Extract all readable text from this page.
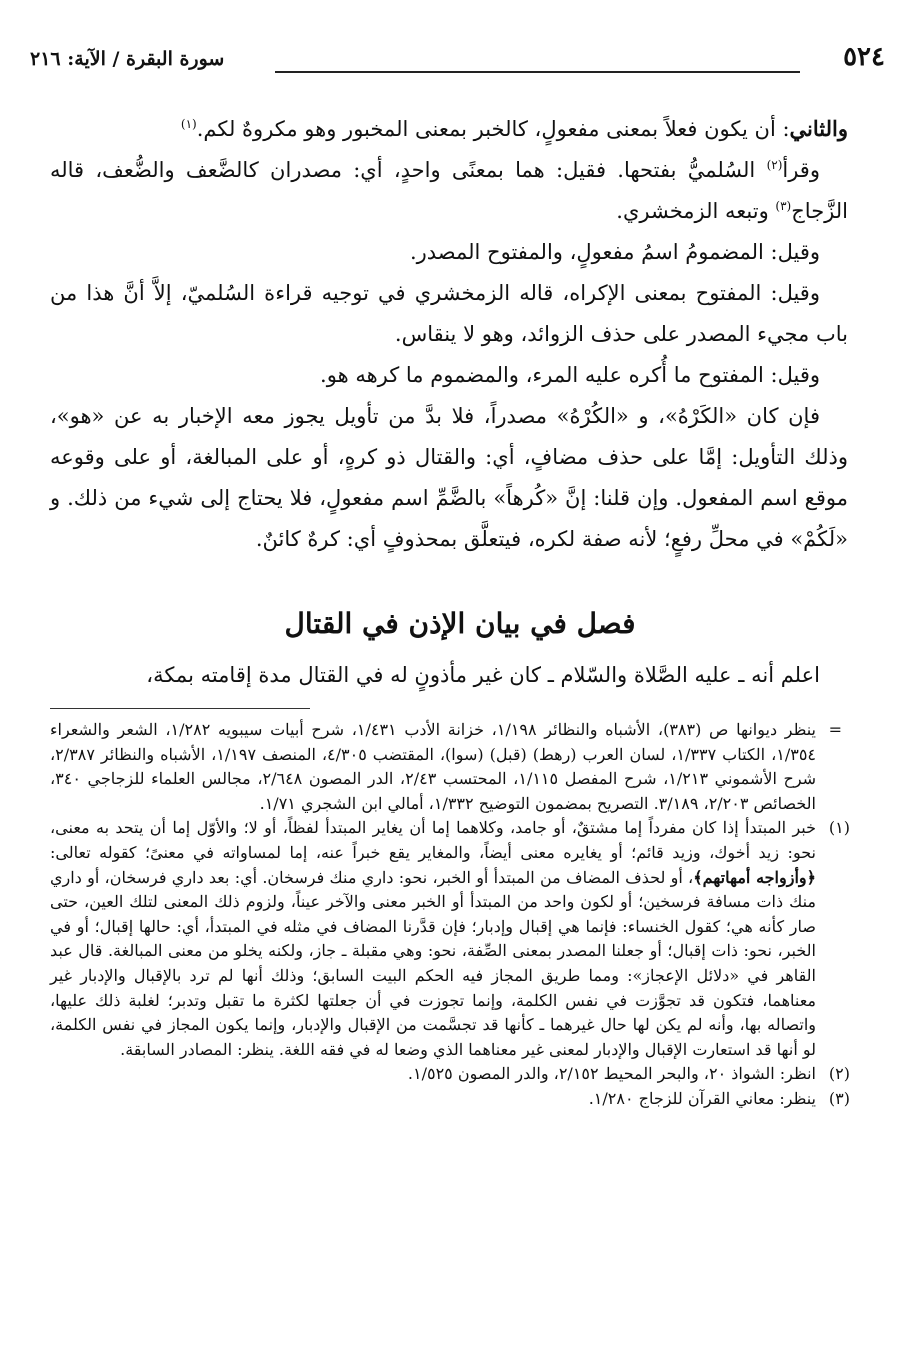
٥٢٤
سورة البقرة / الآية: ٢١٦

والثاني: أن يكون فعلاً بمعنى مفعولٍ، كالخبر بمعنى المخبور وهو مكروهٌ لكم.$^{(١)}$

وقرأ$^{(٢)}$ السُلميُّ بفتحها. فقيل: هما بمعنًى واحدٍ، أي: مصدران كالضَّعف والضُّعف، قاله الزَّجاج$^{(٣)}$ وتبعه الزمخشري.

وقيل: المضمومُ اسمُ مفعولٍ، والمفتوح المصدر.

وقيل: المفتوح بمعنى الإكراه، قاله الزمخشري في توجيه قراءة السُلميّ، إلاَّ أنَّ هذا من باب مجيء المصدر على حذف الزوائد، وهو لا ينقاس.

وقيل: المفتوح ما أُكره عليه المرء، والمضموم ما كرهه هو.

فإن كان «الكَرْهُ»، و «الكُرْهُ» مصدراً، فلا بدَّ من تأويل يجوز معه الإخبار به عن «هو»، وذلك التأويل: إمَّا على حذف مضافٍ، أي: والقتال ذو كرهٍ، أو على المبالغة، أو على وقوعه موقع اسم المفعول. وإن قلنا: إنَّ «كُرهاً» بالضَّمِّ اسم مفعولٍ، فلا يحتاج إلى شيء من ذلك. و «لَكُمْ» في محلِّ رفعٍ؛ لأنه صفة لكره، فيتعلَّق بمحذوفٍ أي: كرهٌ كائنٌ.

فصل في بيان الإذن في القتال
اعلم أنه ـ عليه الصَّلاة والسّلام ـ كان غير مأذونٍ له في القتال مدة إقامته بمكة،

=
ينظر ديوانها ص (٣٨٣)، الأشباه والنظائر ١/١٩٨، خزانة الأدب ١/٤٣١، شرح أبيات سيبويه ١/٢٨٢، الشعر والشعراء ١/٣٥٤، الكتاب ١/٣٣٧، لسان العرب (رهط) (قبل) (سوا)، المقتضب ٤/٣٠٥، المنصف ١/١٩٧، الأشباه والنظائر ٢/٣٨٧، شرح الأشموني ١/٢١٣، شرح المفصل ١/١١٥، المحتسب ٢/٤٣، الدر المصون ٢/٦٤٨، مجالس العلماء للزجاجي ٣٤٠، الخصائص ٢/٢٠٣، ٣/١٨٩. التصريح بمضمون التوضيح ١/٣٣٢، أمالي ابن الشجري ١/٧١.

(١)
خبر المبتدأ إذا كان مفرداً إما مشتقٌ، أو جامد، وكلاهما إما أن يغاير المبتدأ لفظاً، أو لا؛ والأوّل إما أن يتحد به معنى، نحو: زيد أخوك، وزيد قائم؛ أو يغايره معنى أيضاً، والمغاير يقع خبراً عنه، إما لمساواته في معنىً؛ كقوله تعالى: ﴿وأزواجه أمهاتهم﴾، أو لحذف المضاف من المبتدأ أو الخبر، نحو: داري منك فرسخان. أي: بعد داري فرسخان، أو داري منك ذات مسافة فرسخين؛ أو لكون واحد من المبتدأ أو الخبر معنى والآخر عيناً، ولزوم ذلك المعنى لتلك العين، حتى صار كأنه هي؛ كقول الخنساء: فإنما هي إقبال وإدبار؛ فإن قدَّرنا المضاف في مثله في المبتدأ، أي: حالها إقبال؛ أو في الخبر، نحو: ذات إقبال؛ أو جعلنا المصدر بمعنى الصِّفة، نحو: وهي مقبلة ـ جاز، ولكنه يخلو من معنى المبالغة. قال عبد القاهر في «دلائل الإعجاز»: ومما طريق المجاز فيه الحكم البيت السابق؛ وذلك أنها لم ترد بالإقبال والإدبار غير معناهما، فتكون قد تجوَّزت في نفس الكلمة، وإنما تجوزت في أن جعلتها لكثرة ما تقبل وتدبر؛ لغلبة ذلك عليها، واتصاله بها، وأنه لم يكن لها حال غيرهما ـ كأنها قد تجسَّمت من الإقبال والإدبار، وإنما يكون المجاز في نفس الكلمة، لو أنها قد استعارت الإقبال والإدبار لمعنى غير معناهما الذي وضعا له في فقه اللغة. ينظر: المصادر السابقة.

(٢)
انظر: الشواذ ٢٠، والبحر المحيط ٢/١٥٢، والدر المصون ١/٥٢٥.

(٣)
ينظر: معاني القرآن للزجاج ١/٢٨٠.
